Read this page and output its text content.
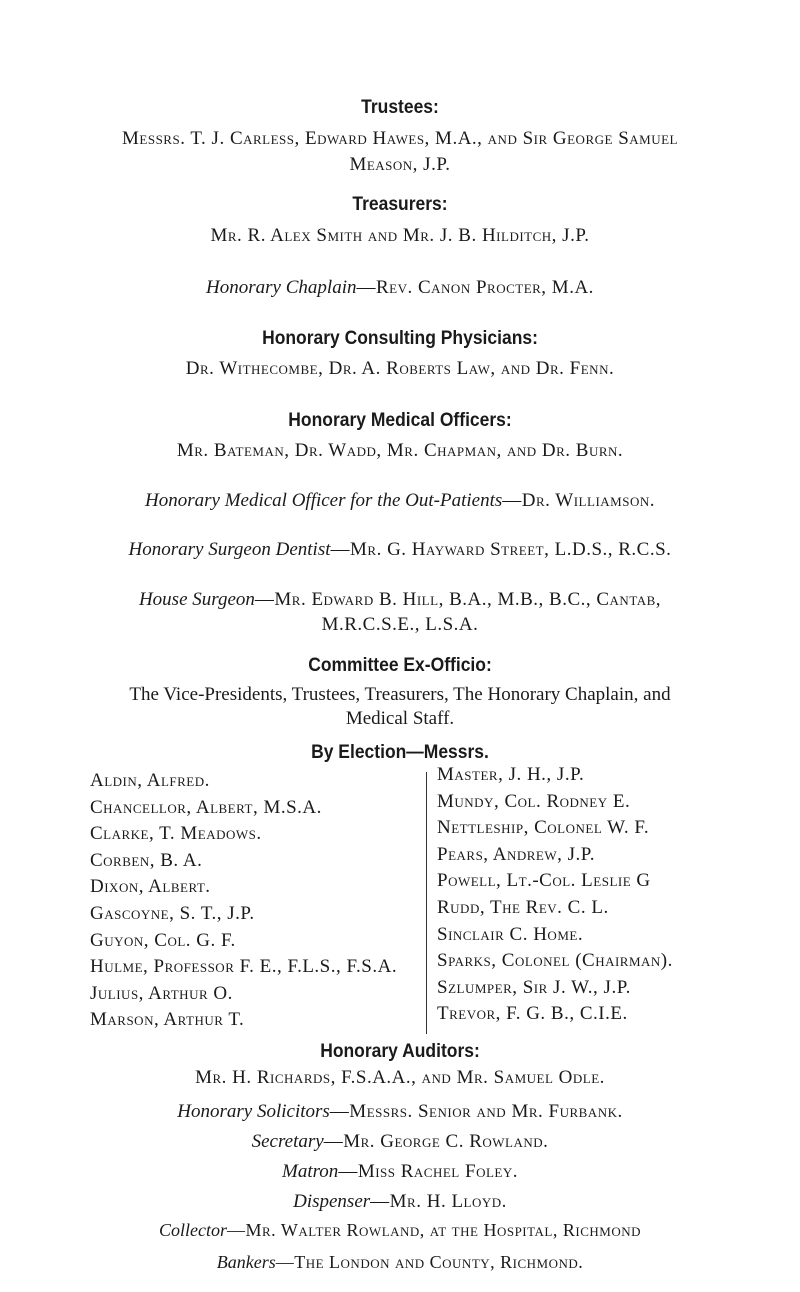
Trustees:
Messrs. T. J. Carless, Edward Hawes, M.A., and Sir George Samuel
Meason, J.P.
Treasurers:
Mr. R. Alex Smith and Mr. J. B. Hilditch, J.P.
Honorary Chaplain—Rev. Canon Procter, M.A.
Honorary Consulting Physicians:
Dr. Withecombe, Dr. A. Roberts Law, and Dr. Fenn.
Honorary Medical Officers:
Mr. Bateman, Dr. Wadd, Mr. Chapman, and Dr. Burn.
Honorary Medical Officer for the Out-Patients—Dr. Williamson.
Honorary Surgeon Dentist—Mr. G. Hayward Street, L.D.S., R.C.S.
House Surgeon—Mr. Edward B. Hill, B.A., M.B., B.C., Cantab,
M.R.C.S.E., L.S.A.
Committee Ex-Officio:
The Vice-Presidents, Trustees, Treasurers, The Honorary Chaplain, and
Medical Staff.
By Election—Messrs.
Aldin, Alfred.
Chancellor, Albert, M.S.A.
Clarke, T. Meadows.
Corben, B. A.
Dixon, Albert.
Gascoyne, S. T., J.P.
Guyon, Col. G. F.
Hulme, Professor F. E., F.L.S., F.S.A.
Julius, Arthur O.
Marson, Arthur T.
Master, J. H., J.P.
Mundy, Col. Rodney E.
Nettleship, Colonel W. F.
Pears, Andrew, J.P.
Powell, Lt.-Col. Leslie G
Rudd, The Rev. C. L.
Sinclair C. Home.
Sparks, Colonel (Chairman).
Szlumper, Sir J. W., J.P.
Trevor, F. G. B., C.I.E.
Honorary Auditors:
Mr. H. Richards, F.S.A.A., and Mr. Samuel Odle.
Honorary Solicitors—Messrs. Senior and Mr. Furbank.
Secretary—Mr. George C. Rowland.
Matron—Miss Rachel Foley.
Dispenser—Mr. H. Lloyd.
Collector—Mr. Walter Rowland, at the Hospital, Richmond
Bankers—The London and County, Richmond.
